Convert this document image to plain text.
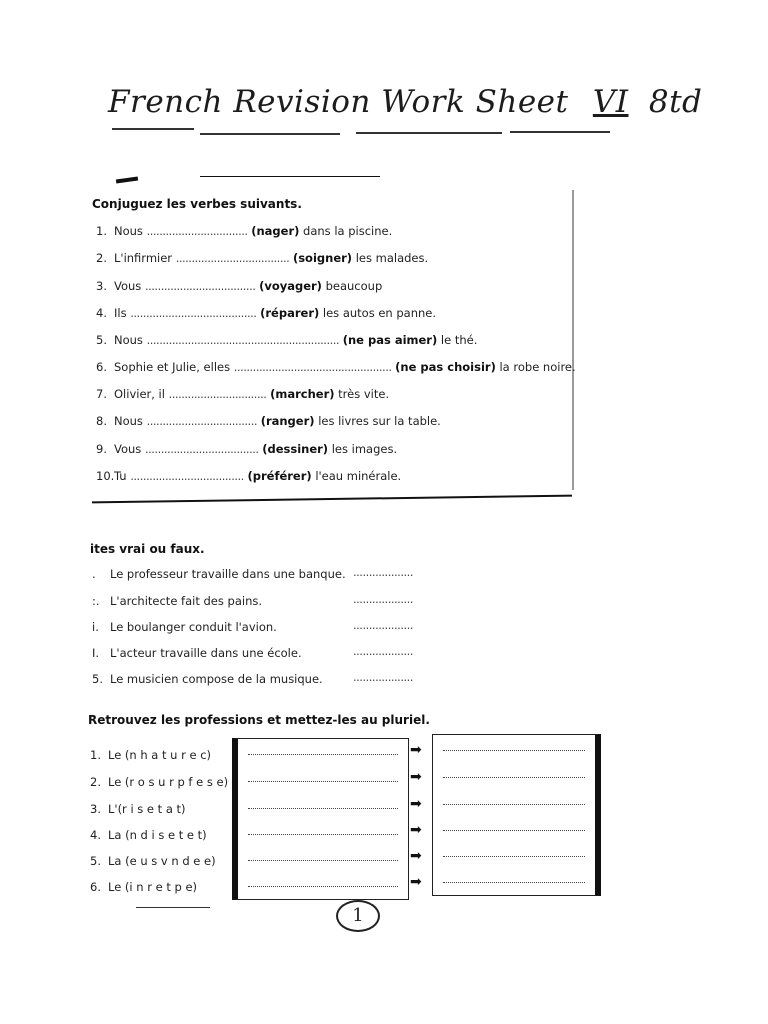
French Revision Work Sheet VI 8td
Conjuguez les verbes suivants.
1. Nous ................................ (nager) dans la piscine.
2. L'infirmier .................................... (soigner) les malades.
3. Vous ................................... (voyager) beaucoup
4. Ils ........................................ (réparer) les autos en panne.
5. Nous ............................................................. (ne pas aimer) le thé.
6. Sophie et Julie, elles .................................................. (ne pas choisir) la robe noire.
7. Olivier, il ............................... (marcher) très vite.
8. Nous ................................... (ranger) les livres sur la table.
9. Vous .................................... (dessiner) les images.
10.Tu .................................... (préférer) l'eau minérale.
ites vrai ou faux.
. Le professeur travaille dans une banque. ...................
:. L'architecte fait des pains.	...................
i. Le boulanger conduit l'avion.	...................
I. L'acteur travaille dans une école.	...................
5. Le musicien compose de la musique.	...................
Retrouvez les professions et mettez-les au pluriel.
1. Le (n h a t u r e c)
2. Le (r o s u r p f e s e)
3. L'(r i s e t a t)
4. La (n d i s e t e t)
5. La (e u s v n d e e)
6. Le (i n r e t p e)
➡
➡
➡
➡
➡
➡
1
